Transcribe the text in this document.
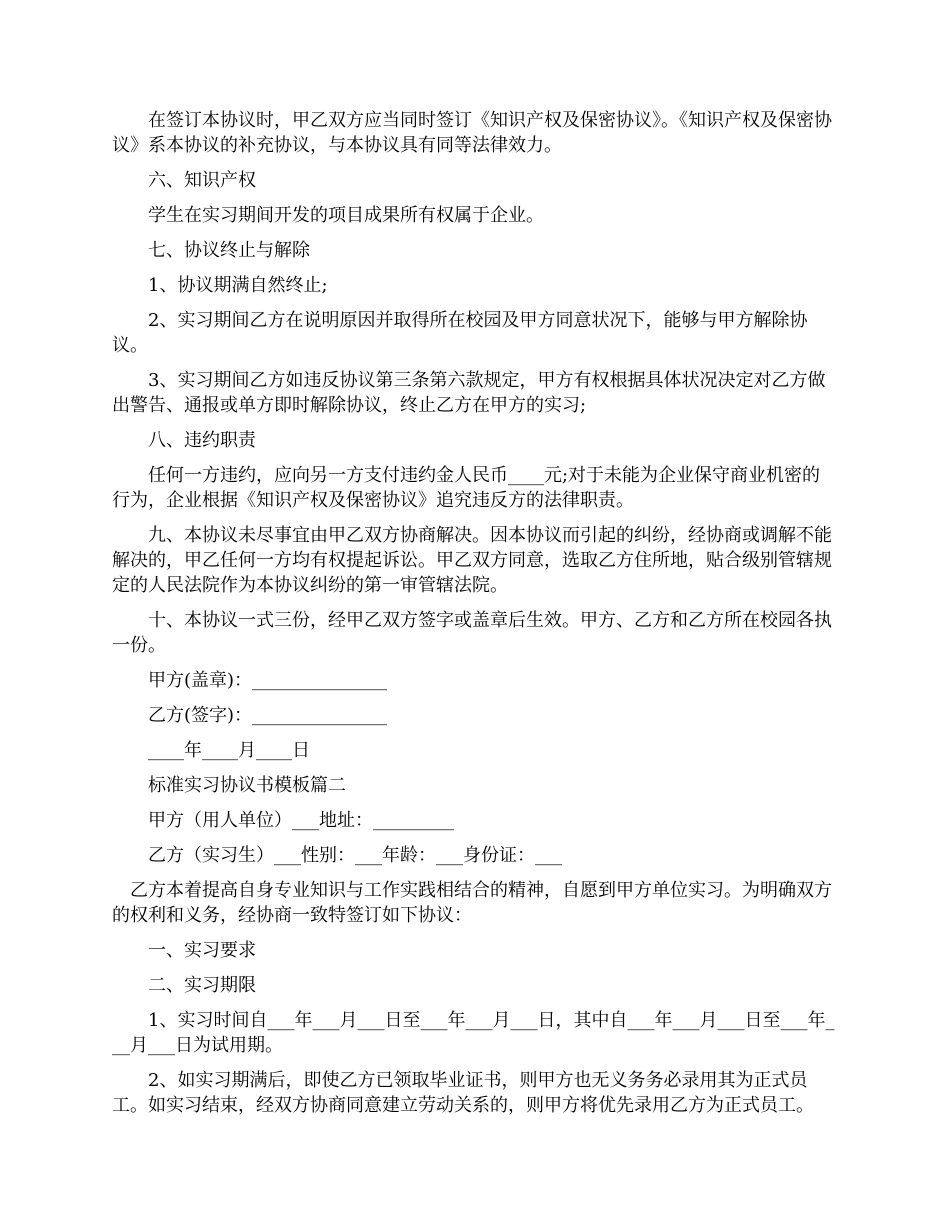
在签订本协议时，甲乙双方应当同时签订《知识产权及保密协议》。《知识产权及保密协议》系本协议的补充协议，与本协议具有同等法律效力。

六、知识产权

学生在实习期间开发的项目成果所有权属于企业。

七、协议终止与解除

1、协议期满自然终止;

2、实习期间乙方在说明原因并取得所在校园及甲方同意状况下，能够与甲方解除协议。

3、实习期间乙方如违反协议第三条第六款规定，甲方有权根据具体状况决定对乙方做出警告、通报或单方即时解除协议，终止乙方在甲方的实习;

八、违约职责

任何一方违约，应向另一方支付违约金人民币____元;对于未能为企业保守商业机密的行为，企业根据《知识产权及保密协议》追究违反方的法律职责。

九、本协议未尽事宜由甲乙双方协商解决。因本协议而引起的纠纷，经协商或调解不能解决的，甲乙任何一方均有权提起诉讼。甲乙双方同意，选取乙方住所地，贴合级别管辖规定的人民法院作为本协议纠纷的第一审管辖法院。

十、本协议一式三份，经甲乙双方签字或盖章后生效。甲方、乙方和乙方所在校园各执一份。

甲方(盖章)：_______________

乙方(签字)：_______________

____年____月____日

标准实习协议书模板篇二

甲方（用人单位）___地址：_________

乙方（实习生）___性别：___年龄：___身份证：___

乙方本着提高自身专业知识与工作实践相结合的精神，自愿到甲方单位实习。为明确双方的权利和义务，经协商一致特签订如下协议：

一、实习要求

二、实习期限

1、实习时间自___年___月___日至___年___月___日，其中自___年___月___日至___年___月___日为试用期。

2、如实习期满后，即使乙方已领取毕业证书，则甲方也无义务务必录用其为正式员工。如实习结束，经双方协商同意建立劳动关系的，则甲方将优先录用乙方为正式员工。
